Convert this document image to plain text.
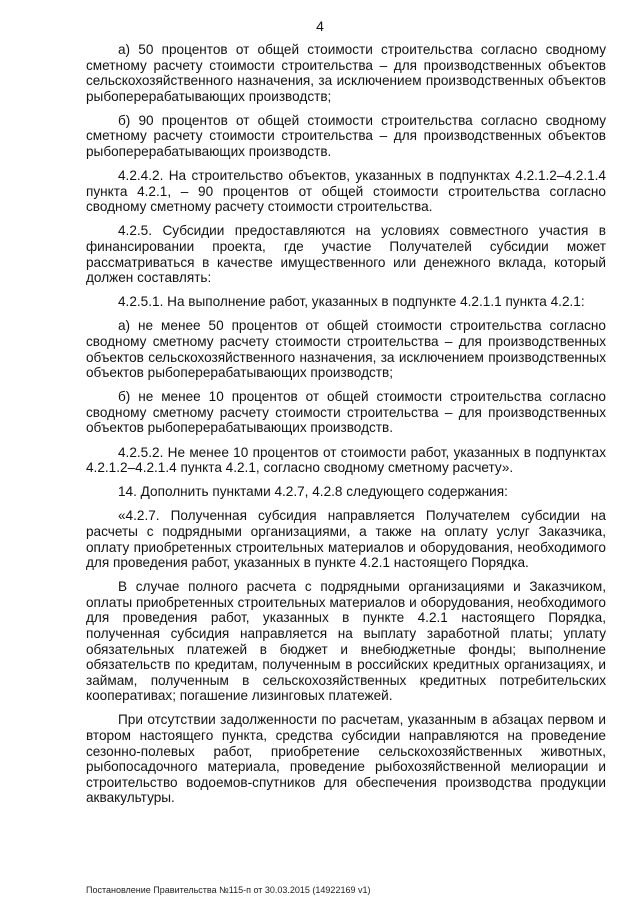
4

а) 50 процентов от общей стоимости строительства согласно сводному сметному расчету стоимости строительства – для производственных объектов сельскохозяйственного назначения, за исключением производственных объектов рыбоперерабатывающих производств;

б) 90 процентов от общей стоимости строительства согласно сводному сметному расчету стоимости строительства – для производственных объектов рыбоперерабатывающих производств.

4.2.4.2. На строительство объектов, указанных в подпунктах 4.2.1.2–4.2.1.4 пункта 4.2.1, – 90 процентов от общей стоимости строительства согласно сводному сметному расчету стоимости строительства.

4.2.5. Субсидии предоставляются на условиях совместного участия в финансировании проекта, где участие Получателей субсидии может рассматриваться в качестве имущественного или денежного вклада, который должен составлять:

4.2.5.1. На выполнение работ, указанных в подпункте 4.2.1.1 пункта 4.2.1:

а) не менее 50 процентов от общей стоимости строительства согласно сводному сметному расчету стоимости строительства – для производственных объектов сельскохозяйственного назначения, за исключением производственных объектов рыбоперерабатывающих производств;

б) не менее 10 процентов от общей стоимости строительства согласно сводному сметному расчету стоимости строительства – для производственных объектов рыбоперерабатывающих производств.

4.2.5.2. Не менее 10 процентов от стоимости работ, указанных в подпунктах 4.2.1.2–4.2.1.4 пункта 4.2.1, согласно сводному сметному расчету».

14. Дополнить пунктами 4.2.7, 4.2.8 следующего содержания:

«4.2.7. Полученная субсидия направляется Получателем субсидии на расчеты с подрядными организациями, а также на оплату услуг Заказчика, оплату приобретенных строительных материалов и оборудования, необходимого для проведения работ, указанных в пункте 4.2.1 настоящего Порядка.

В случае полного расчета с подрядными организациями и Заказчиком, оплаты приобретенных строительных материалов и оборудования, необходимого для проведения работ, указанных в пункте 4.2.1 настоящего Порядка, полученная субсидия направляется на выплату заработной платы; уплату обязательных платежей в бюджет и внебюджетные фонды; выполнение обязательств по кредитам, полученным в российских кредитных организациях, и займам, полученным в сельскохозяйственных кредитных потребительских кооперативах; погашение лизинговых платежей.

При отсутствии задолженности по расчетам, указанным в абзацах первом и втором настоящего пункта, средства субсидии направляются на проведение сезонно-полевых работ, приобретение сельскохозяйственных животных, рыбопосадочного материала, проведение рыбохозяйственной мелиорации и строительство водоемов-спутников для обеспечения производства продукции аквакультуры.

Постановление Правительства №115-п от 30.03.2015 (14922169 v1)
